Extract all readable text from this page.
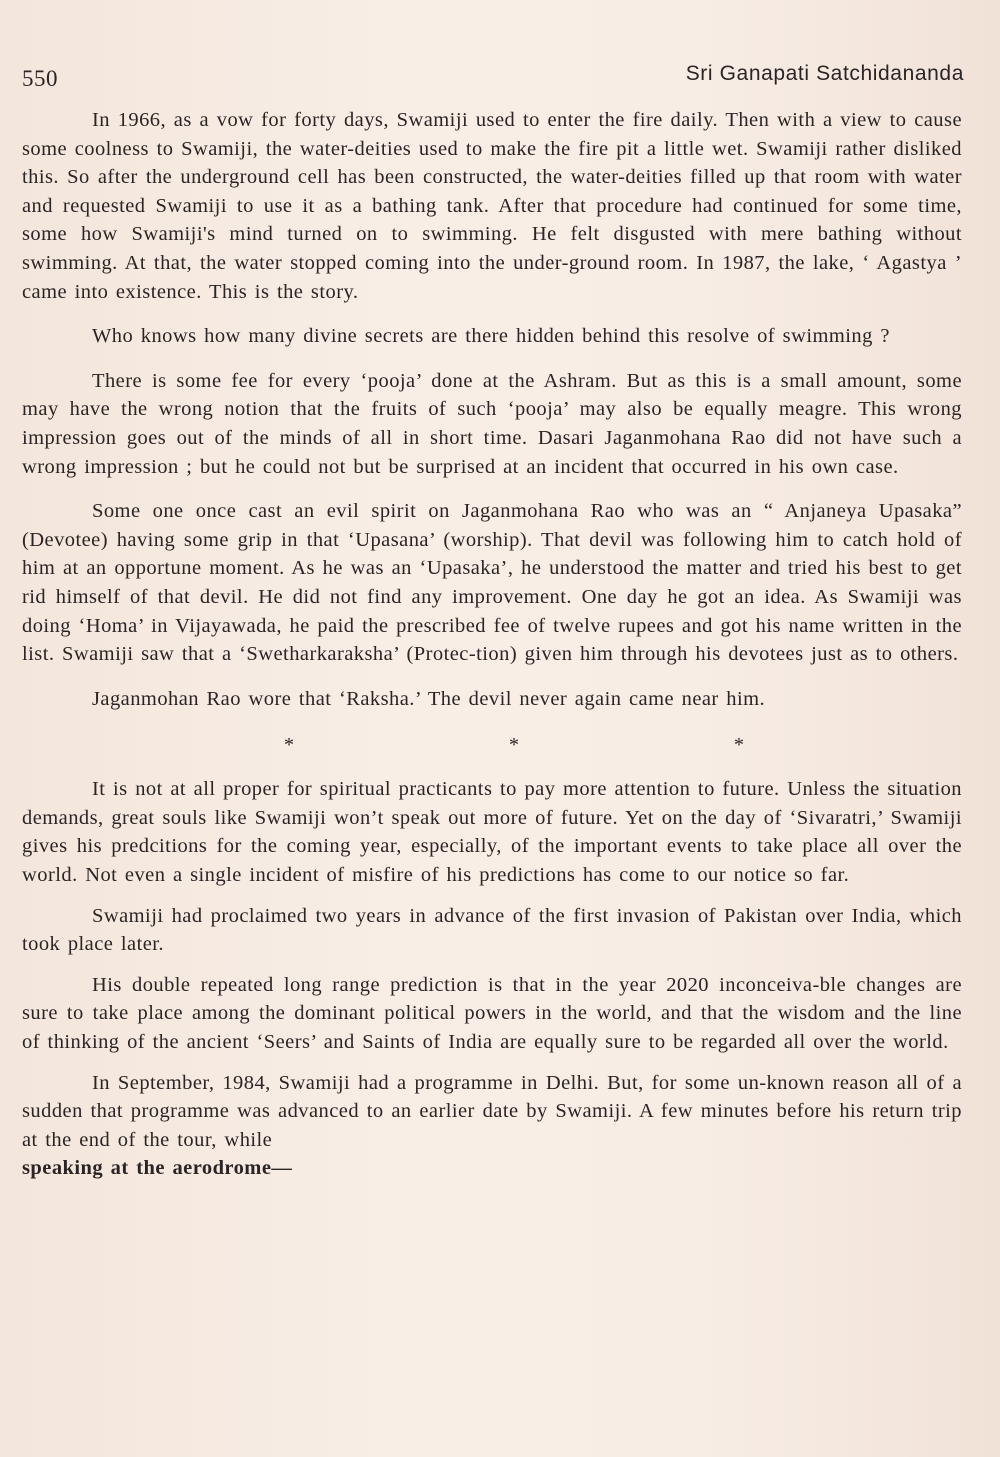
550	Sri Ganapati Satchidananda

In 1966, as a vow for forty days, Swamiji used to enter the fire daily. Then with a view to cause some coolness to Swamiji, the water-deities used to make the fire pit a little wet. Swamiji rather disliked this. So after the underground cell has been constructed, the water-deities filled up that room with water and requested Swamiji to use it as a bathing tank. After that procedure had continued for some time, some how Swamiji's mind turned on to swimming. He felt disgusted with mere bathing without swimming. At that, the water stopped coming into the under-ground room. In 1987, the lake, ‘ Agastya ’ came into existence. This is the story.

Who knows how many divine secrets are there hidden behind this resolve of swimming ?

There is some fee for every ‘pooja’ done at the Ashram. But as this is a small amount, some may have the wrong notion that the fruits of such ‘pooja’ may also be equally meagre. This wrong impression goes out of the minds of all in short time. Dasari Jaganmohana Rao did not have such a wrong impression ; but he could not but be surprised at an incident that occurred in his own case.

Some one once cast an evil spirit on Jaganmohana Rao who was an “ Anjaneya Upasaka” (Devotee) having some grip in that ‘Upasana’ (worship). That devil was following him to catch hold of him at an opportune moment. As he was an ‘Upasaka’, he understood the matter and tried his best to get rid himself of that devil. He did not find any improvement. One day he got an idea. As Swamiji was doing ‘Homa’ in Vijayawada, he paid the prescribed fee of twelve rupees and got his name written in the list. Swamiji saw that a ‘Swetharkaraksha’ (Protec-tion) given him through his devotees just as to others.

Jaganmohan Rao wore that ‘Raksha.’ The devil never again came near him.

*	*	*

It is not at all proper for spiritual practicants to pay more attention to future. Unless the situation demands, great souls like Swamiji won’t speak out more of future. Yet on the day of ‘Sivaratri,’ Swamiji gives his predcitions for the coming year, especially, of the important events to take place all over the world. Not even a single incident of misfire of his predictions has come to our notice so far.

Swamiji had proclaimed two years in advance of the first invasion of Pakistan over India, which took place later.

His double repeated long range prediction is that in the year 2020 inconceiva-ble changes are sure to take place among the dominant political powers in the world, and that the wisdom and the line of thinking of the ancient ‘Seers’ and Saints of India are equally sure to be regarded all over the world.

In September, 1984, Swamiji had a programme in Delhi. But, for some un-known reason all of a sudden that programme was advanced to an earlier date by Swamiji. A few minutes before his return trip at the end of the tour, while

speaking at the aerodrome—
